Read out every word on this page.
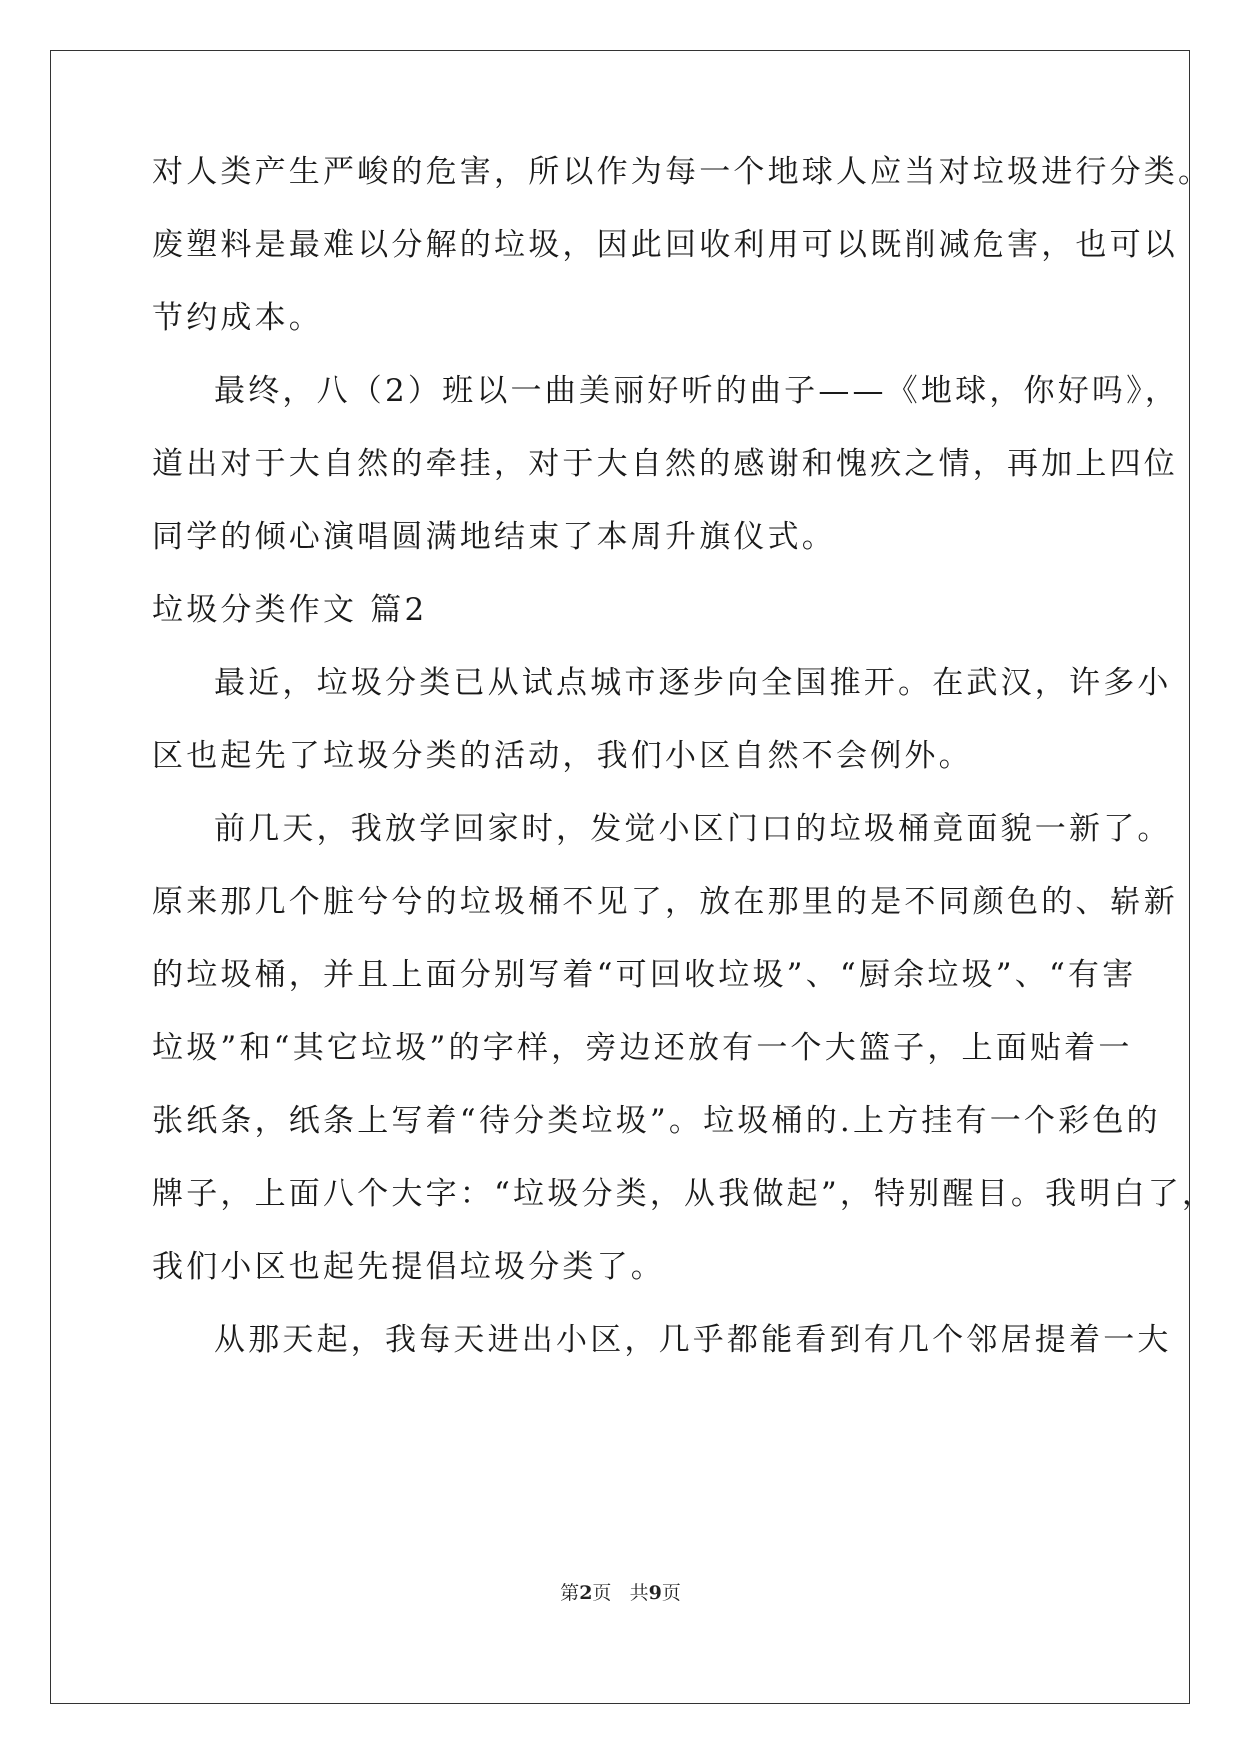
对人类产生严峻的危害，所以作为每一个地球人应当对垃圾进行分类。
废塑料是最难以分解的垃圾，因此回收利用可以既削减危害，也可以
节约成本。
最终，八（2）班以一曲美丽好听的曲子——《地球，你好吗》，
道出对于大自然的牵挂，对于大自然的感谢和愧疚之情，再加上四位
同学的倾心演唱圆满地结束了本周升旗仪式。
垃圾分类作文 篇2
最近，垃圾分类已从试点城市逐步向全国推开。在武汉，许多小
区也起先了垃圾分类的活动，我们小区自然不会例外。
前几天，我放学回家时，发觉小区门口的垃圾桶竟面貌一新了。
原来那几个脏兮兮的垃圾桶不见了，放在那里的是不同颜色的、崭新
的垃圾桶，并且上面分别写着“可回收垃圾”、“厨余垃圾”、“有害
垃圾”和“其它垃圾”的字样，旁边还放有一个大篮子，上面贴着一
张纸条，纸条上写着“待分类垃圾”。垃圾桶的.上方挂有一个彩色的
牌子，上面八个大字：“垃圾分类，从我做起”，特别醒目。我明白了，
我们小区也起先提倡垃圾分类了。
从那天起，我每天进出小区，几乎都能看到有几个邻居提着一大
第2页 共9页
